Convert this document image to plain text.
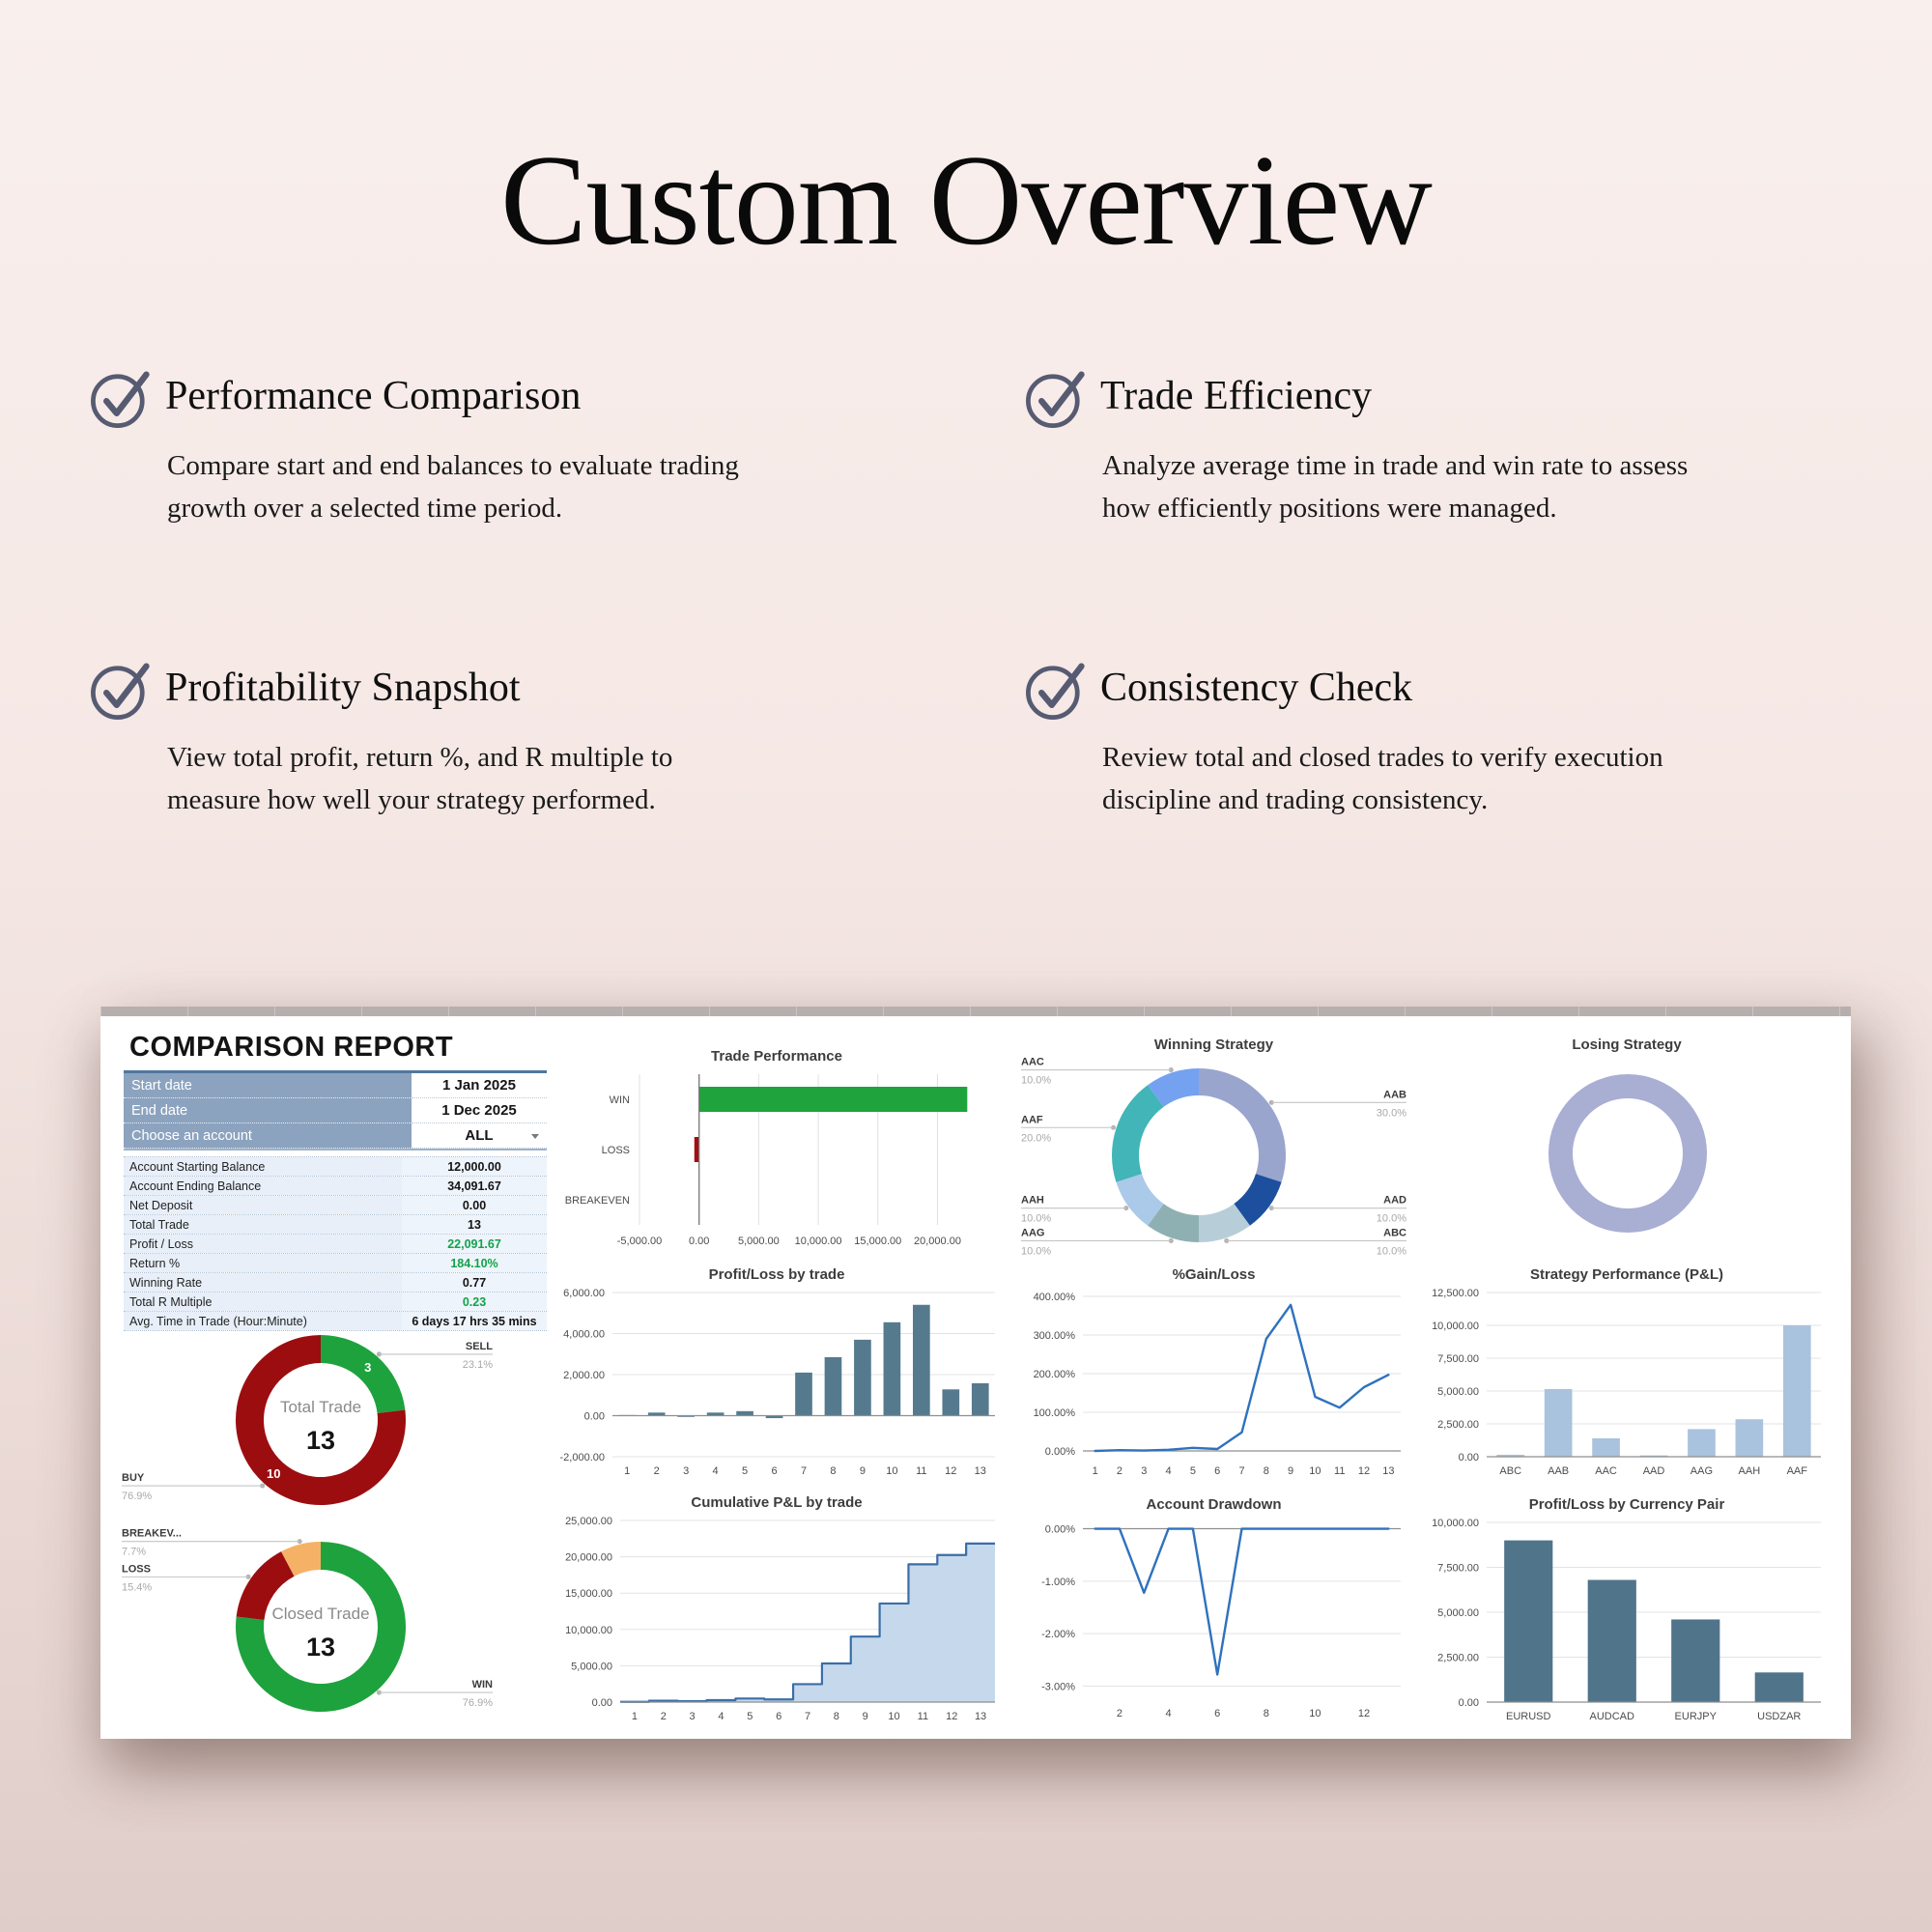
Custom Overview
Performance Comparison

Compare start and end balances to evaluate trading growth over a selected time period.

Trade Efficiency

Analyze average time in trade and win rate to assess how efficiently positions were managed.

Profitability Snapshot

View total profit, return %, and R multiple to measure how well your strategy performed.

Consistency Check

Review total and closed trades to verify execution discipline and trading consistency.

COMPARISON REPORT
Start date	1 Jan 2025
End date	1 Dec 2025
Choose an account	ALL
Account Starting Balance	12,000.00
Account Ending Balance	34,091.67
Net Deposit	0.00
Total Trade	13
Profit / Loss	22,091.67
Return %	184.10%
Winning Rate	0.77
Total R Multiple	0.23
Avg. Time in Trade (Hour:Minute)	6 days 17 hrs 35 mins
Trade Performance
-5,000.00	0.00	5,000.00 10,000.00 15,000.00 20,000.00
WIN
LOSS
BREAKEVEN
Profit/Loss by trade
-2,000.00
0.00
2,000.00
4,000.00
6,000.00
1 2 3 4 5 6 7 8 9 10 11 12 13
Cumulative P&L by trade
0.00
5,000.00
10,000.00
15,000.00
20,000.00
25,000.00
1 2 3 4 5 6 7 8 9 10 11 12 13
Winning Strategy
AAB
30.0%
AAD
10.0%
ABC
10.0%
AAG
10.0%
AAH
10.0%
AAF
20.0%
AAC
10.0%
%Gain/Loss
0.00%
100.00%
200.00%
300.00%
400.00%
1 2 3 4 5 6 7 8 9 10 11 12 13
Account Drawdown
0.00%
-1.00%
-2.00%
-3.00%
2	4	6	8	10	12
Losing Strategy
Strategy Performance (P&L)
0.00
2,500.00
5,000.00
7,500.00
10,000.00
12,500.00
ABC AAB AAC AAD AAG AAH AAF
Profit/Loss by Currency Pair
0.00
2,500.00
5,000.00
7,500.00
10,000.00
EURUSD	AUDCAD	EURJPY	USDZAR
3
10
SELL
23.1%
BUY
76.9%
Total Trade
13
WIN
76.9%
LOSS
15.4%
BREAKEV...
7.7%
Closed Trade
13
